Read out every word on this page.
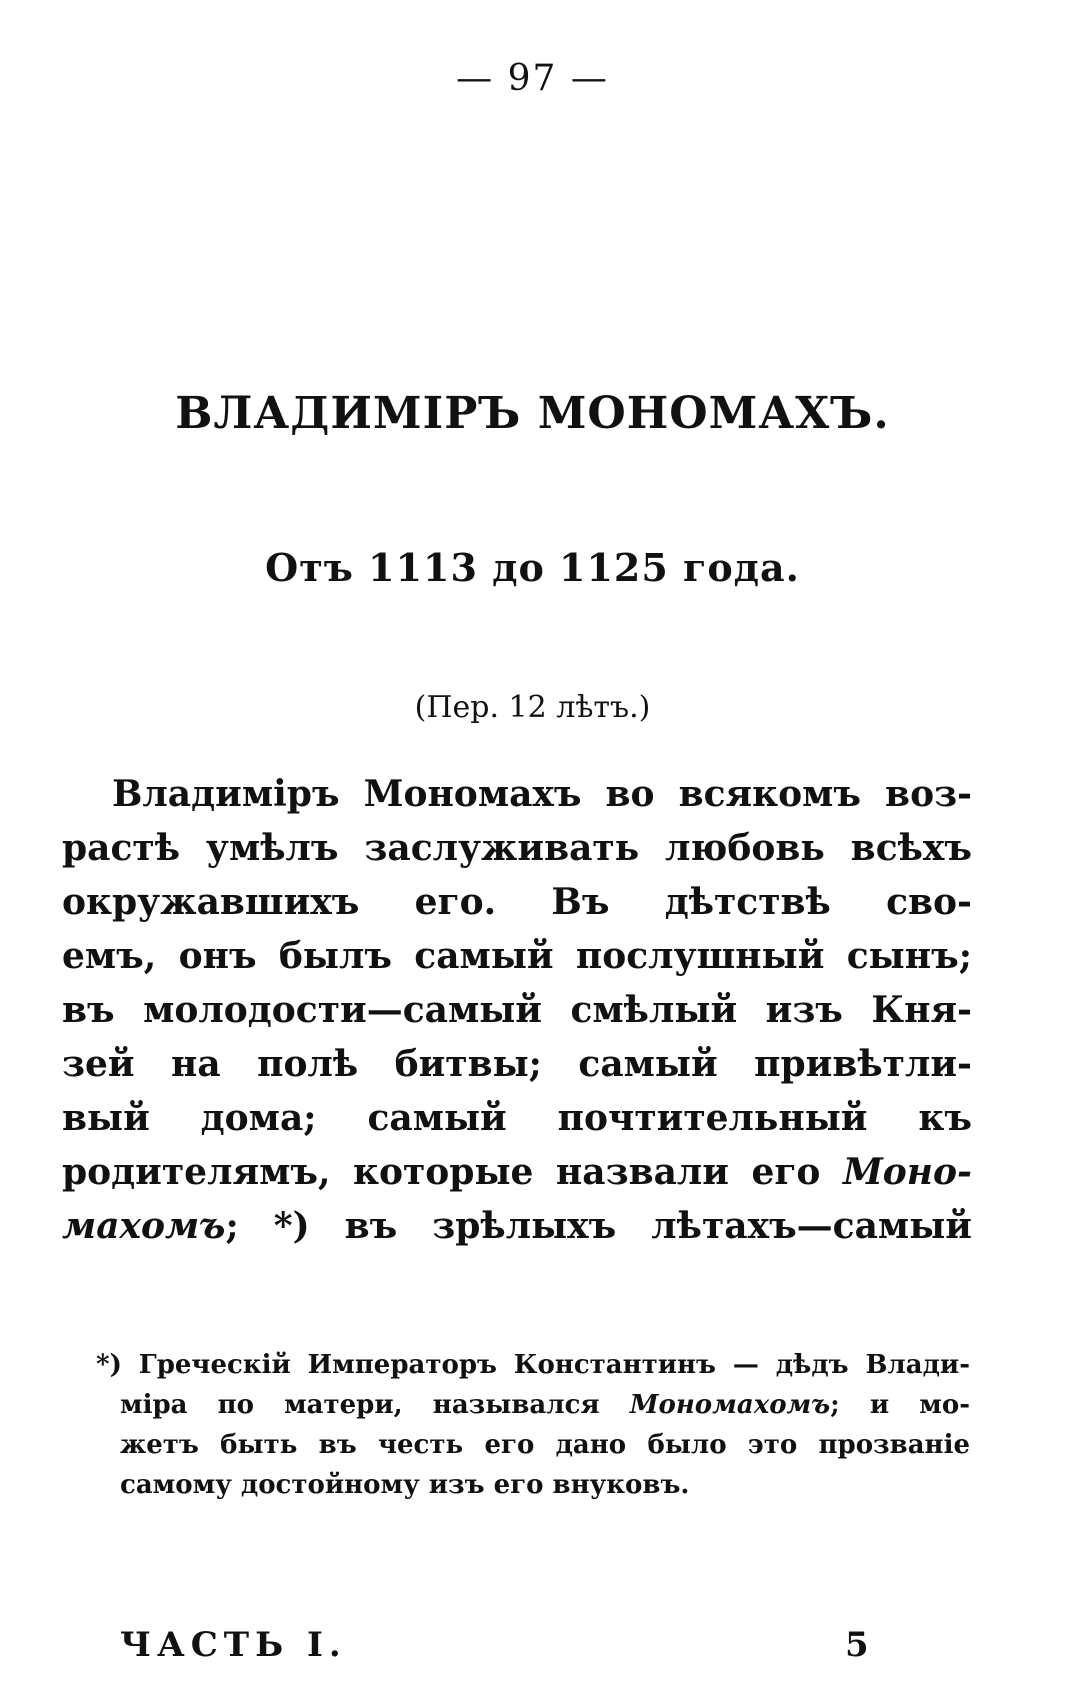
— 97 —
ВЛАДИМIРЪ МОНОМАХЪ.
Отъ 1113 до 1125 года.
(Пер. 12 лѣтъ.)
Владимiръ Мономахъ во всякомъ воз-
растѣ умѣлъ заслуживать любовь всѣхъ
окружавшихъ его. Въ дѣтствѣ сво-
емъ, онъ былъ самый послушный сынъ;
въ молодости—самый смѣлый изъ Кня-
зей на полѣ битвы; самый привѣтли-
вый дома; самый почтительный къ
родителямъ, которые назвали его Моно-
махомъ; *) въ зрѣлыхъ лѣтахъ—самый
*) Греческiй Императоръ Константинъ — дѣдъ Влади-
мiра по матери, назывался Мономахомъ; и мо-
жетъ быть въ честь его дано было это прозванiе
самому достойному изъ его внуковъ.
ЧАСТЬ I.	5
